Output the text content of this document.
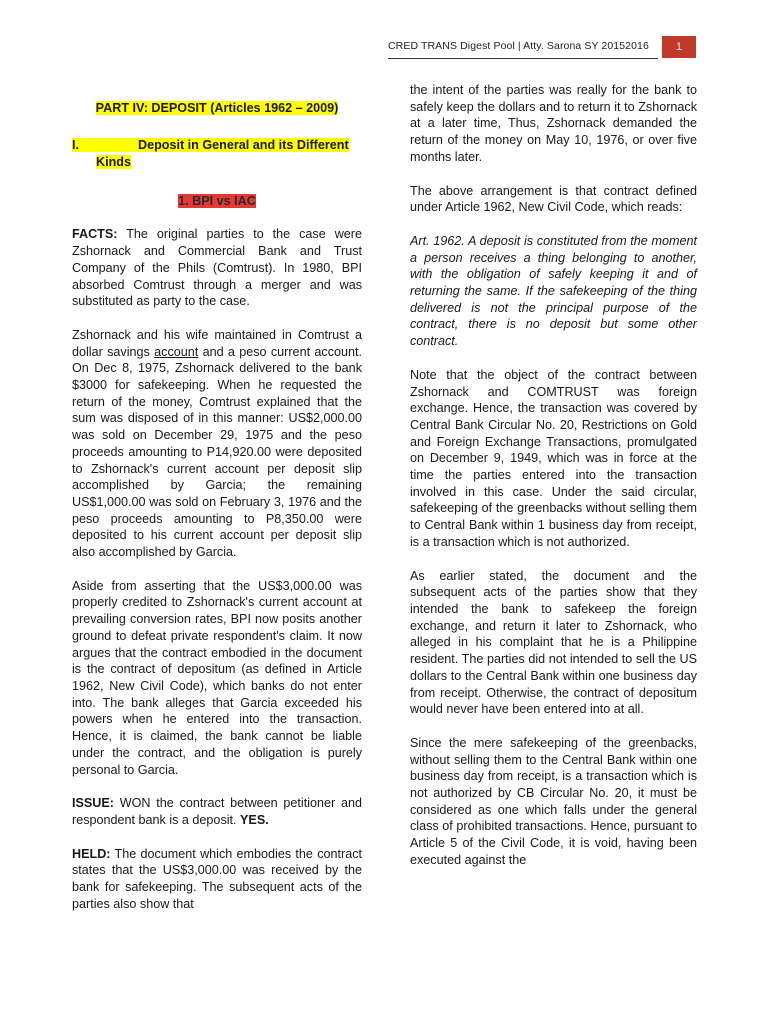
CRED TRANS Digest Pool | Atty. Sarona SY 20152016	1

PART IV: DEPOSIT (Articles 1962 – 2009)

I.	Deposit in General and its Different
Kinds

1. BPI vs IAC

FACTS: The original parties to the case were Zshornack and Commercial Bank and Trust Company of the Phils (Comtrust). In 1980, BPI absorbed Comtrust through a merger and was substituted as party to the case.

Zshornack and his wife maintained in Comtrust a dollar savings account and a peso current account. On Dec 8, 1975, Zshornack delivered to the bank $3000 for safekeeping. When he requested the return of the money, Comtrust explained that the sum was disposed of in this manner: US$2,000.00 was sold on December 29, 1975 and the peso proceeds amounting to P14,920.00 were deposited to Zshornack's current account per deposit slip accomplished by Garcia; the remaining US$1,000.00 was sold on February 3, 1976 and the peso proceeds amounting to P8,350.00 were deposited to his current account per deposit slip also accomplished by Garcia.

Aside from asserting that the US$3,000.00 was properly credited to Zshornack's current account at prevailing conversion rates, BPI now posits another ground to defeat private respondent's claim. It now argues that the contract embodied in the document is the contract of depositum (as defined in Article 1962, New Civil Code), which banks do not enter into. The bank alleges that Garcia exceeded his powers when he entered into the transaction. Hence, it is claimed, the bank cannot be liable under the contract, and the obligation is purely personal to Garcia.

ISSUE: WON the contract between petitioner and respondent bank is a deposit. YES.

HELD: The document which embodies the contract states that the US$3,000.00 was received by the bank for safekeeping. The subsequent acts of the parties also show that

the intent of the parties was really for the bank to safely keep the dollars and to return it to Zshornack at a later time, Thus, Zshornack demanded the return of the money on May 10, 1976, or over five months later.

The above arrangement is that contract defined under Article 1962, New Civil Code, which reads:

Art. 1962. A deposit is constituted from the moment a person receives a thing belonging to another, with the obligation of safely keeping it and of returning the same. If the safekeeping of the thing delivered is not the principal purpose of the contract, there is no deposit but some other contract.

Note that the object of the contract between Zshornack and COMTRUST was foreign exchange. Hence, the transaction was covered by Central Bank Circular No. 20, Restrictions on Gold and Foreign Exchange Transactions, promulgated on December 9, 1949, which was in force at the time the parties entered into the transaction involved in this case. Under the said circular, safekeeping of the greenbacks without selling them to Central Bank within 1 business day from receipt, is a transaction which is not authorized.

As earlier stated, the document and the subsequent acts of the parties show that they intended the bank to safekeep the foreign exchange, and return it later to Zshornack, who alleged in his complaint that he is a Philippine resident. The parties did not intended to sell the US dollars to the Central Bank within one business day from receipt. Otherwise, the contract of depositum would never have been entered into at all.

Since the mere safekeeping of the greenbacks, without selling them to the Central Bank within one business day from receipt, is a transaction which is not authorized by CB Circular No. 20, it must be considered as one which falls under the general class of prohibited transactions. Hence, pursuant to Article 5 of the Civil Code, it is void, having been executed against the
